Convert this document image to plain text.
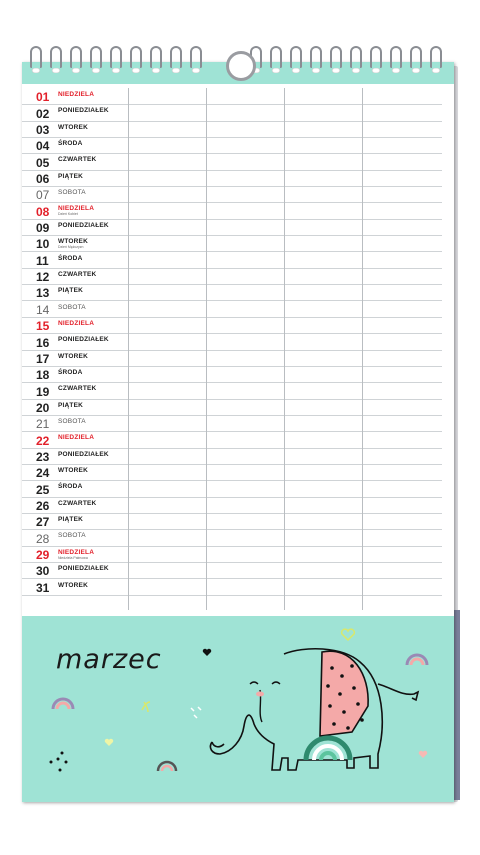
01 NIEDZIELA
02 PONIEDZIAŁEK
03 WTOREK
04 ŚRODA
05 CZWARTEK
06 PIĄTEK
07 SOBOTA
08 NIEDZIELA
Dzień Kobiet
09 PONIEDZIAŁEK
10 WTOREK
Dzień Mężczyzn
11 ŚRODA
12 CZWARTEK
13 PIĄTEK
14 SOBOTA
15 NIEDZIELA
16 PONIEDZIAŁEK
17 WTOREK
18 ŚRODA
19 CZWARTEK
20 PIĄTEK
21 SOBOTA
22 NIEDZIELA
23 PONIEDZIAŁEK
24 WTOREK
25 ŚRODA
26 CZWARTEK
27 PIĄTEK
28 SOBOTA
29 NIEDZIELA
Niedziela Palmowa
30 PONIEDZIAŁEK
31 WTOREK
marzec
